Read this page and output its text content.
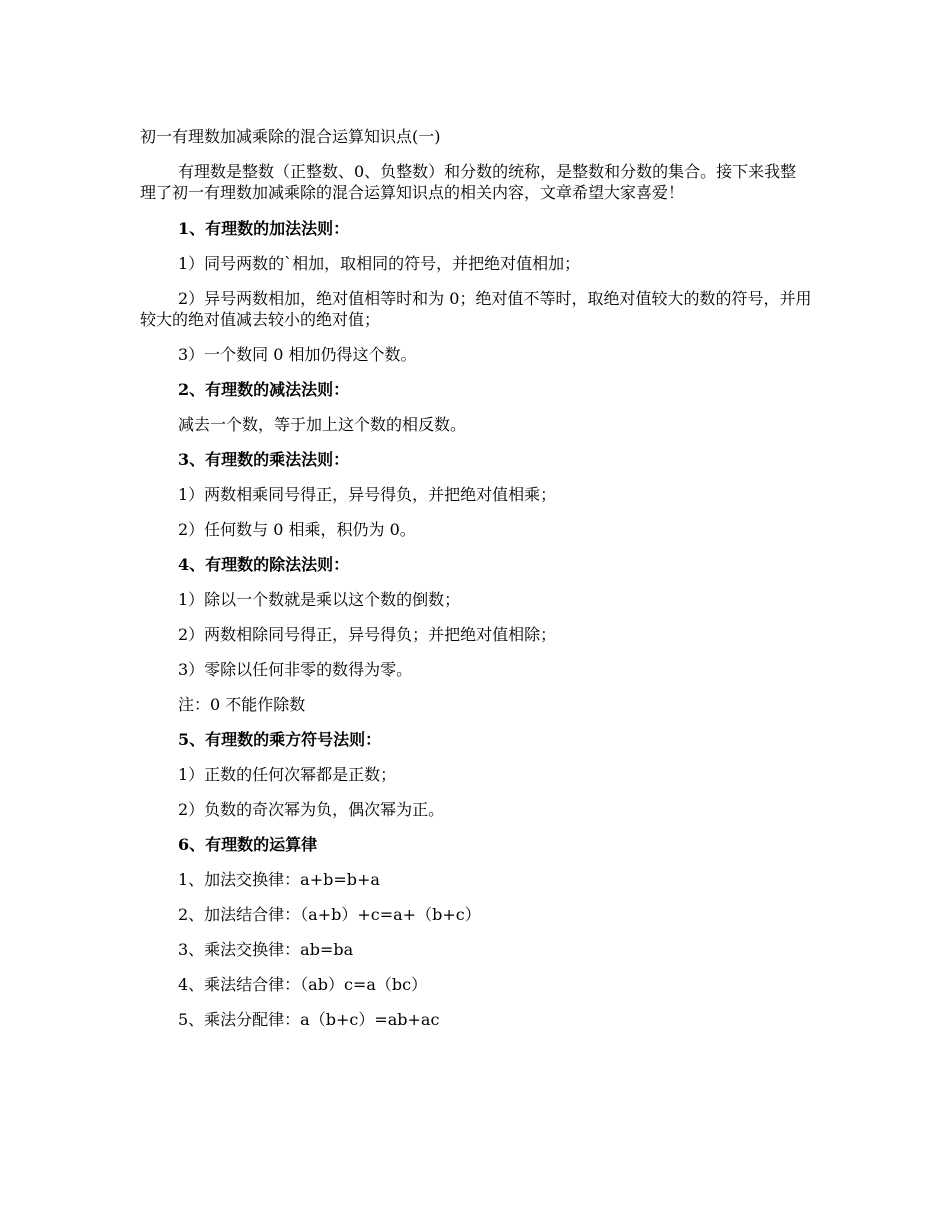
初一有理数加减乘除的混合运算知识点(一)

有理数是整数（正整数、0、负整数）和分数的统称，是整数和分数的集合。接下来我整理了初一有理数加减乘除的混合运算知识点的相关内容，文章希望大家喜爱！

1、有理数的加法法则：

1）同号两数的`相加，取相同的符号，并把绝对值相加；

2）异号两数相加，绝对值相等时和为 0；绝对值不等时，取绝对值较大的数的符号，并用较大的绝对值减去较小的绝对值；

3）一个数同 0 相加仍得这个数。

2、有理数的减法法则：

减去一个数，等于加上这个数的相反数。

3、有理数的乘法法则：

1）两数相乘同号得正，异号得负，并把绝对值相乘；

2）任何数与 0 相乘，积仍为 0。

4、有理数的除法法则：

1）除以一个数就是乘以这个数的倒数；

2）两数相除同号得正，异号得负；并把绝对值相除；

3）零除以任何非零的数得为零。

注：0 不能作除数

5、有理数的乘方符号法则：

1）正数的任何次幂都是正数；

2）负数的奇次幂为负，偶次幂为正。

6、有理数的运算律

1、加法交换律：a+b=b+a

2、加法结合律：（a+b）+c=a+（b+c）

3、乘法交换律：ab=ba

4、乘法结合律：（ab）c=a（bc）

5、乘法分配律：a（b+c）=ab+ac
